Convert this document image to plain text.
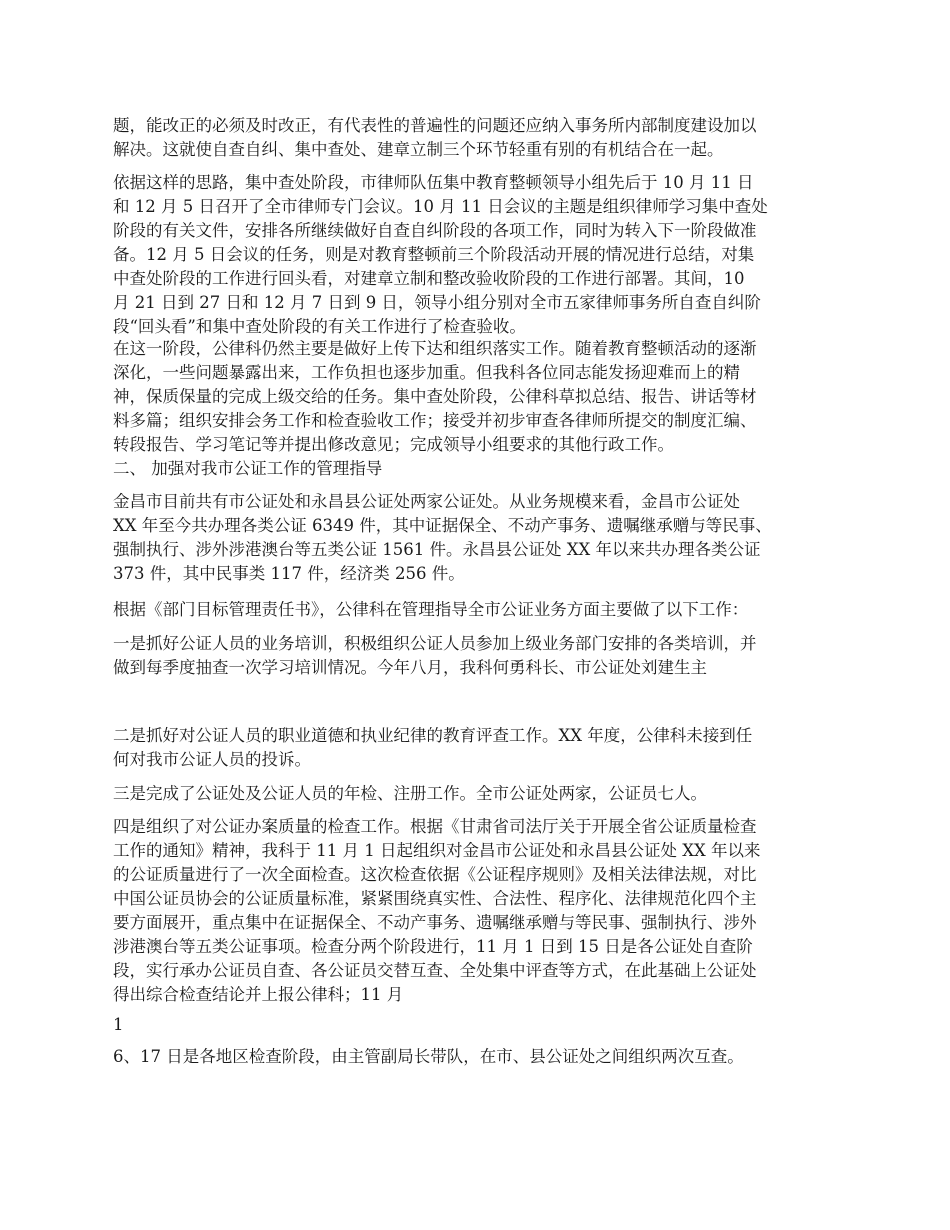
题，能改正的必须及时改正，有代表性的普遍性的问题还应纳入事务所内部制度建设加以
解决。这就使自查自纠、集中查处、建章立制三个环节轻重有别的有机结合在一起。

依据这样的思路，集中查处阶段，市律师队伍集中教育整顿领导小组先后于 10 月 11 日
和 12 月 5 日召开了全市律师专门会议。10 月 11 日会议的主题是组织律师学习集中查处
阶段的有关文件，安排各所继续做好自查自纠阶段的各项工作，同时为转入下一阶段做准
备。12 月 5 日会议的任务，则是对教育整顿前三个阶段活动开展的情况进行总结，对集
中查处阶段的工作进行回头看，对建章立制和整改验收阶段的工作进行部署。其间，10
月 21 日到 27 日和 12 月 7 日到 9 日，领导小组分别对全市五家律师事务所自查自纠阶
段“回头看”和集中查处阶段的有关工作进行了检查验收。

在这一阶段，公律科仍然主要是做好上传下达和组织落实工作。随着教育整顿活动的逐渐
深化，一些问题暴露出来，工作负担也逐步加重。但我科各位同志能发扬迎难而上的精
神，保质保量的完成上级交给的任务。集中查处阶段，公律科草拟总结、报告、讲话等材
料多篇；组织安排会务工作和检查验收工作；接受并初步审查各律师所提交的制度汇编、
转段报告、学习笔记等并提出修改意见；完成领导小组要求的其他行政工作。

二、 加强对我市公证工作的管理指导

金昌市目前共有市公证处和永昌县公证处两家公证处。从业务规模来看，金昌市公证处
XX 年至今共办理各类公证 6349 件，其中证据保全、不动产事务、遗嘱继承赠与等民事、
强制执行、涉外涉港澳台等五类公证 1561 件。永昌县公证处 XX 年以来共办理各类公证
373 件，其中民事类 117 件，经济类 256 件。

根据《部门目标管理责任书》，公律科在管理指导全市公证业务方面主要做了以下工作：

一是抓好公证人员的业务培训，积极组织公证人员参加上级业务部门安排的各类培训，并
做到每季度抽查一次学习培训情况。今年八月，我科何勇科长、市公证处刘建生主

二是抓好对公证人员的职业道德和执业纪律的教育评查工作。XX 年度，公律科未接到任
何对我市公证人员的投诉。

三是完成了公证处及公证人员的年检、注册工作。全市公证处两家，公证员七人。

四是组织了对公证办案质量的检查工作。根据《甘肃省司法厅关于开展全省公证质量检查
工作的通知》精神，我科于 11 月 1 日起组织对金昌市公证处和永昌县公证处 XX 年以来
的公证质量进行了一次全面检查。这次检查依据《公证程序规则》及相关法律法规，对比
中国公证员协会的公证质量标准，紧紧围绕真实性、合法性、程序化、法律规范化四个主
要方面展开，重点集中在证据保全、不动产事务、遗嘱继承赠与等民事、强制执行、涉外
涉港澳台等五类公证事项。检查分两个阶段进行，11 月 1 日到 15 日是各公证处自查阶
段，实行承办公证员自查、各公证员交替互查、全处集中评查等方式，在此基础上公证处
得出综合检查结论并上报公律科；11 月

1

6、17 日是各地区检查阶段，由主管副局长带队，在市、县公证处之间组织两次互查。
